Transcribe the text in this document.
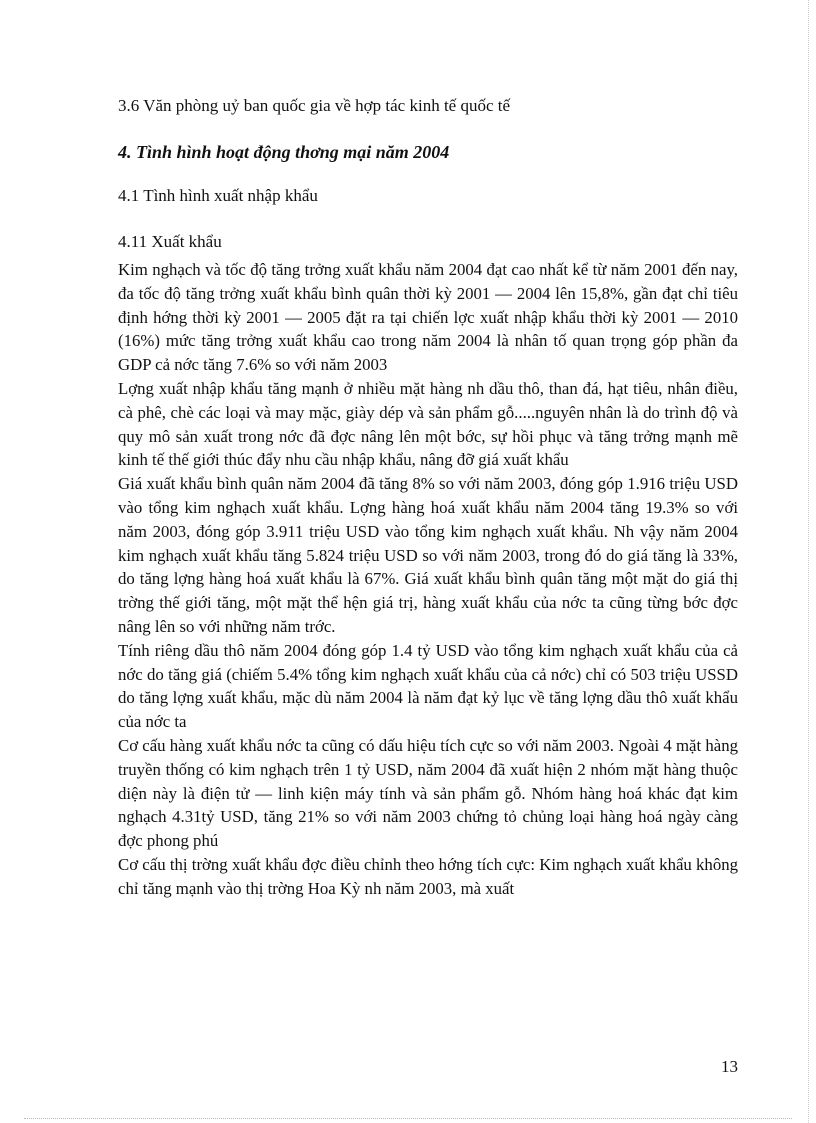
3.6 Văn phòng uỷ ban quốc gia về hợp tác kinh tế quốc tế
4. Tình hình hoạt động thơng mại năm 2004
4.1 Tình hình xuất nhập khẩu
4.11 Xuất khẩu

Kim nghạch và tốc độ tăng trởng xuất khẩu năm 2004 đạt cao nhất kể từ năm 2001 đến nay, đa tốc độ tăng trởng xuất khẩu bình quân thời kỳ 2001 — 2004 lên 15,8%, gần đạt chỉ tiêu định hớng thời kỳ 2001 — 2005 đặt ra tại chiến lợc xuất nhập khẩu thời kỳ 2001 — 2010 (16%) mức tăng trởng xuất khẩu cao trong năm 2004 là nhân tố quan trọng góp phần đa GDP cả nớc tăng 7.6% so với năm 2003

Lợng xuất nhập khẩu tăng mạnh ở nhiều mặt hàng nh dầu thô, than đá, hạt tiêu, nhân điều, cà phê, chè các loại và may mặc, giày dép và sản phẩm gỗ.....nguyên nhân là do trình độ và quy mô sản xuất trong nớc đã đợc nâng lên một bớc, sự hồi phục và tăng trởng mạnh mẽ kinh tế thế giới thúc đẩy nhu cầu nhập khẩu, nâng đỡ giá xuất khẩu

Giá xuất khẩu bình quân năm 2004 đã tăng 8% so với năm 2003, đóng góp 1.916 triệu USD vào tổng kim nghạch xuất khẩu. Lợng hàng hoá xuất khẩu năm 2004 tăng 19.3% so với năm 2003, đóng góp 3.911 triệu USD vào tổng kim nghạch xuất khẩu. Nh vậy năm 2004 kim nghạch xuất khẩu tăng 5.824 triệu USD so với năm 2003, trong đó do giá tăng là 33%, do tăng lợng hàng hoá xuất khẩu là 67%. Giá xuất khẩu bình quân tăng một mặt do giá thị trờng thế giới tăng, một mặt thể hện giá trị, hàng xuất khẩu của nớc ta cũng từng bớc đợc nâng lên so với những năm trớc.

Tính riêng dầu thô năm 2004 đóng góp 1.4 tỷ USD vào tổng kim nghạch xuất khẩu của cả nớc do tăng giá (chiếm 5.4% tổng kim nghạch xuất khẩu của cả nớc) chỉ có 503 triệu USSD do tăng lợng xuất khẩu, mặc dù năm 2004 là năm đạt kỷ lục về tăng lợng dầu thô xuất khẩu của nớc ta

Cơ cấu hàng xuất khẩu nớc ta cũng có dấu hiệu tích cực so với năm 2003. Ngoài 4 mặt hàng truyền thống có kim nghạch trên 1 tỷ USD, năm 2004 đã xuất hiện 2 nhóm mặt hàng thuộc diện này là điện tử — linh kiện máy tính và sản phẩm gỗ. Nhóm hàng hoá khác đạt kim nghạch 4.31tỷ USD, tăng 21% so với năm 2003 chứng tỏ chủng loại hàng hoá ngày càng đợc phong phú

Cơ cấu thị trờng xuất khẩu đợc điều chỉnh theo hớng tích cực: Kim nghạch xuất khẩu không chỉ tăng mạnh vào thị trờng Hoa Kỳ nh năm 2003, mà xuất

13
